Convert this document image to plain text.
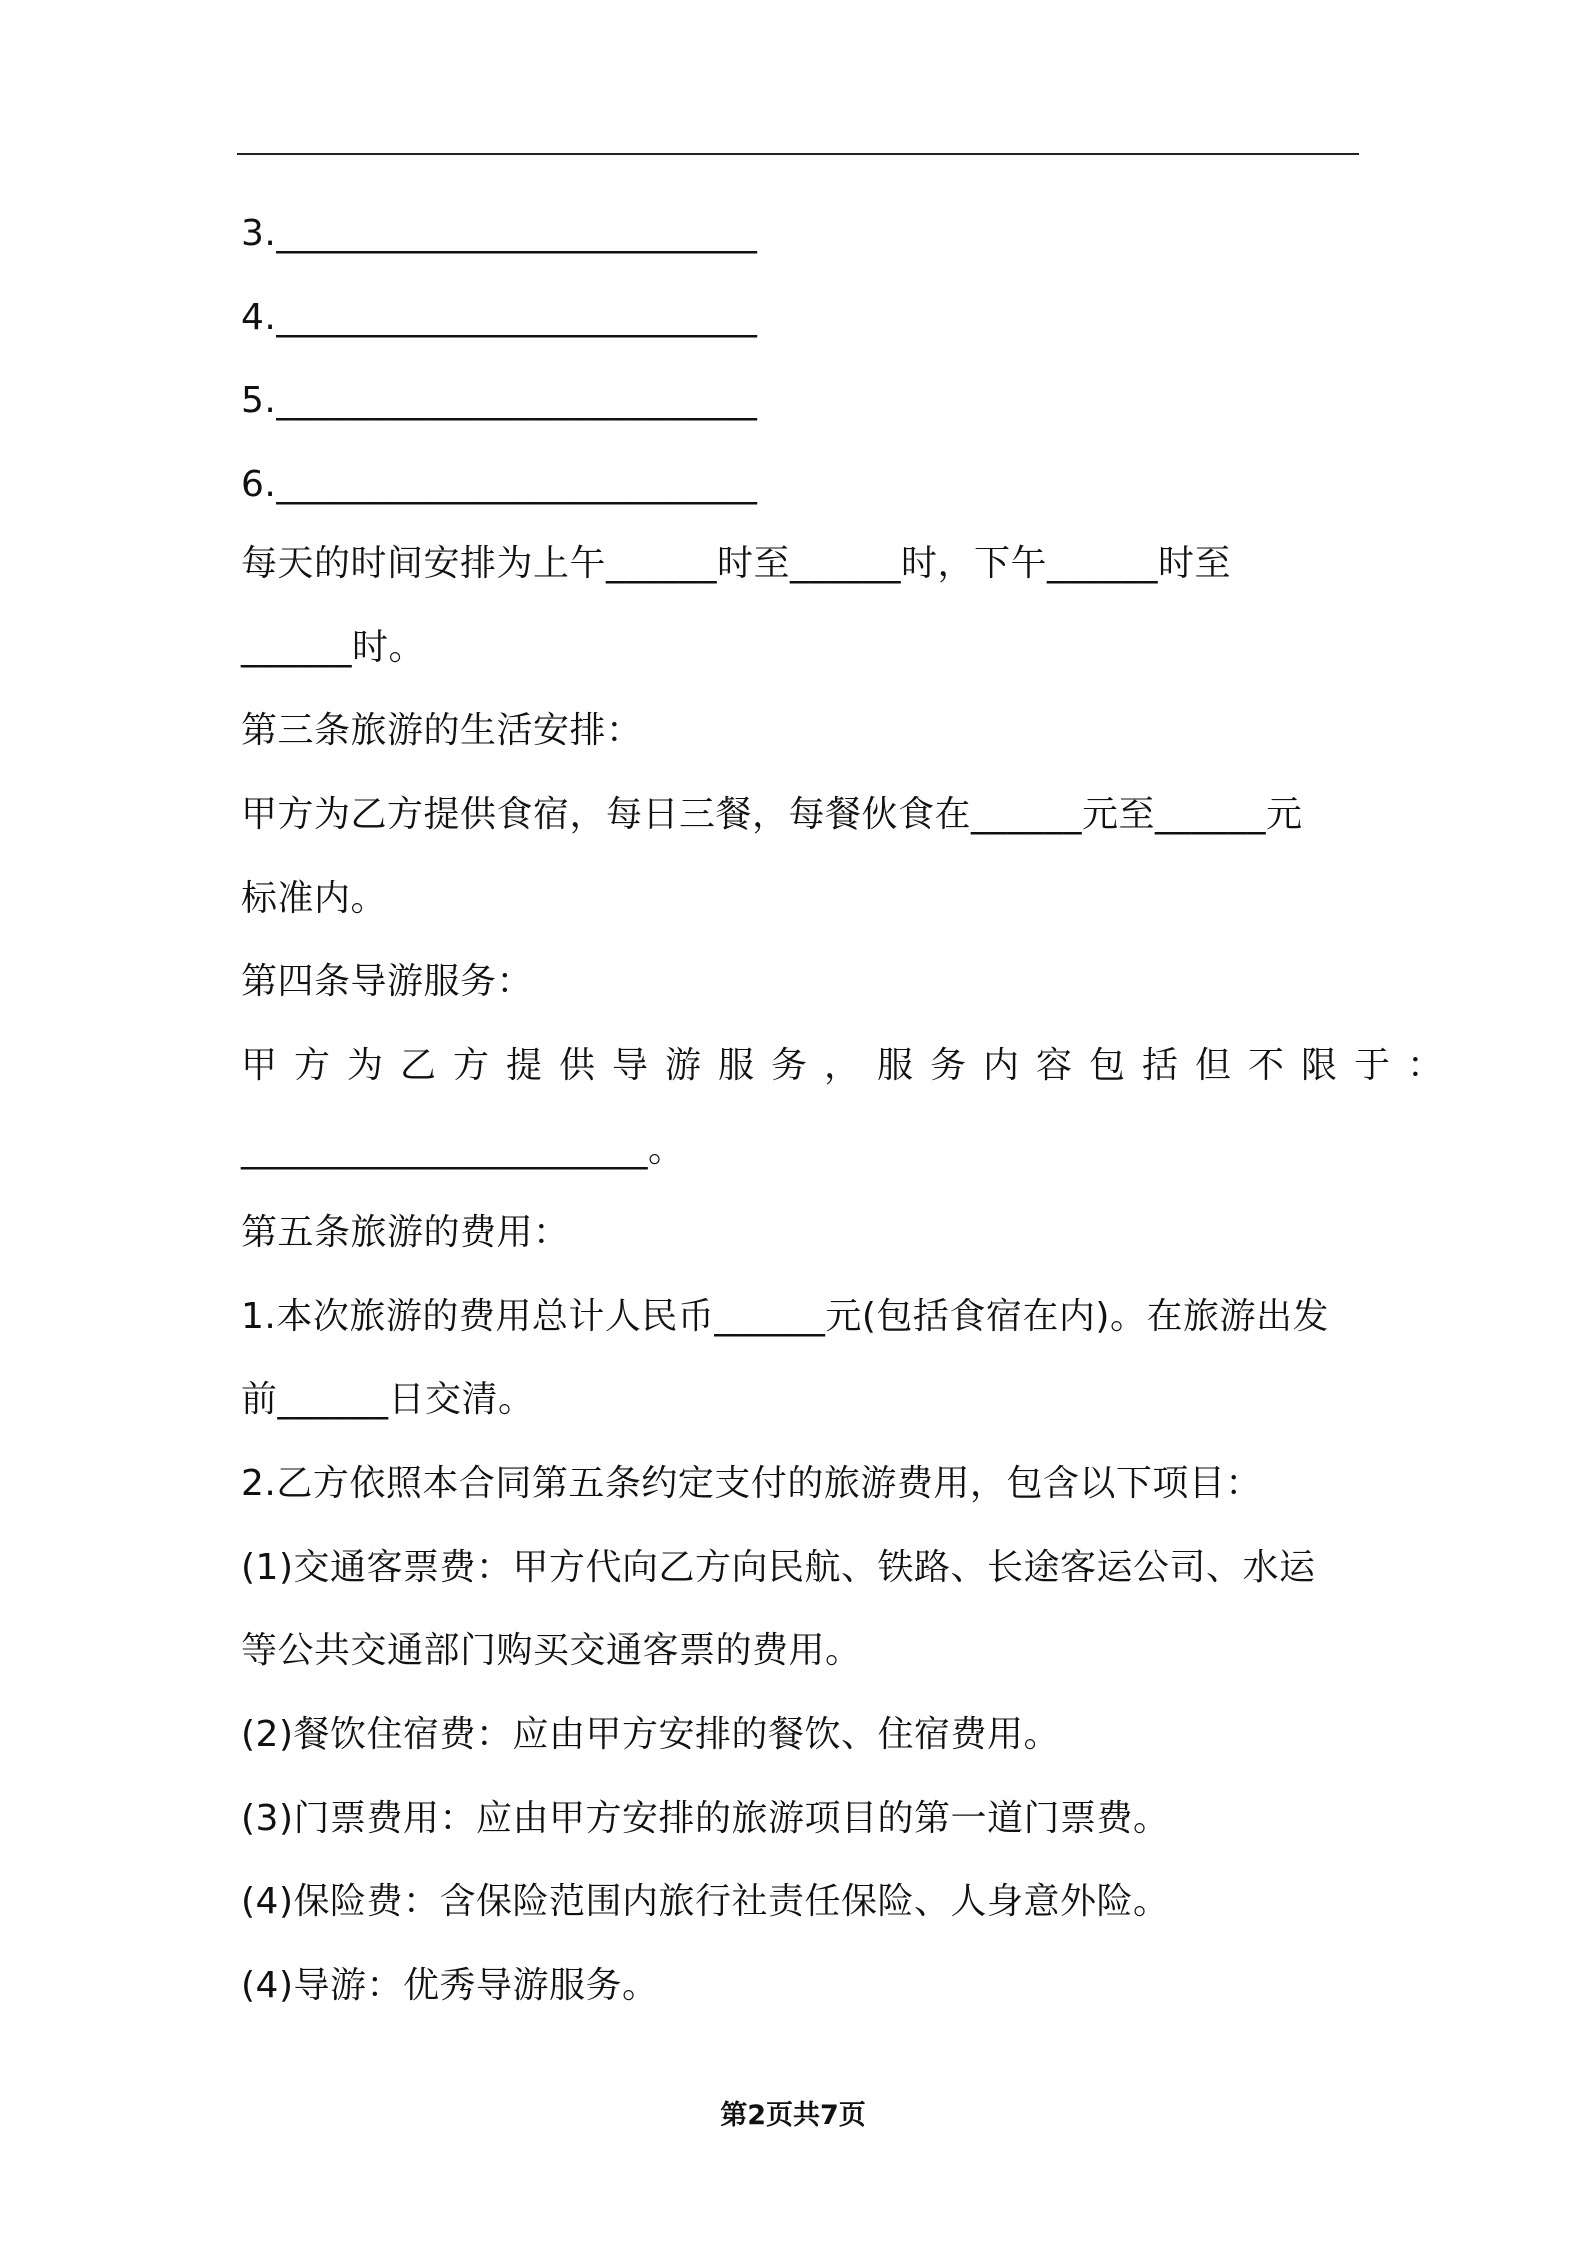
3.__________________________
4.__________________________
5.__________________________
6.__________________________
每天的时间安排为上午______时至______时，下午______时至
______时。
第三条旅游的生活安排：
甲方为乙方提供食宿，每日三餐，每餐伙食在______元至______元
标准内。
第四条导游服务：
甲方为乙方提供导游服务，服务内容包括但不限于：
______________________。
第五条旅游的费用：
1.本次旅游的费用总计人民币______元(包括食宿在内)。在旅游出发
前______日交清。
2.乙方依照本合同第五条约定支付的旅游费用，包含以下项目：
(1)交通客票费：甲方代向乙方向民航、铁路、长途客运公司、水运
等公共交通部门购买交通客票的费用。
(2)餐饮住宿费：应由甲方安排的餐饮、住宿费用。
(3)门票费用：应由甲方安排的旅游项目的第一道门票费。
(4)保险费：含保险范围内旅行社责任保险、人身意外险。
(4)导游：优秀导游服务。
第2页共7页
